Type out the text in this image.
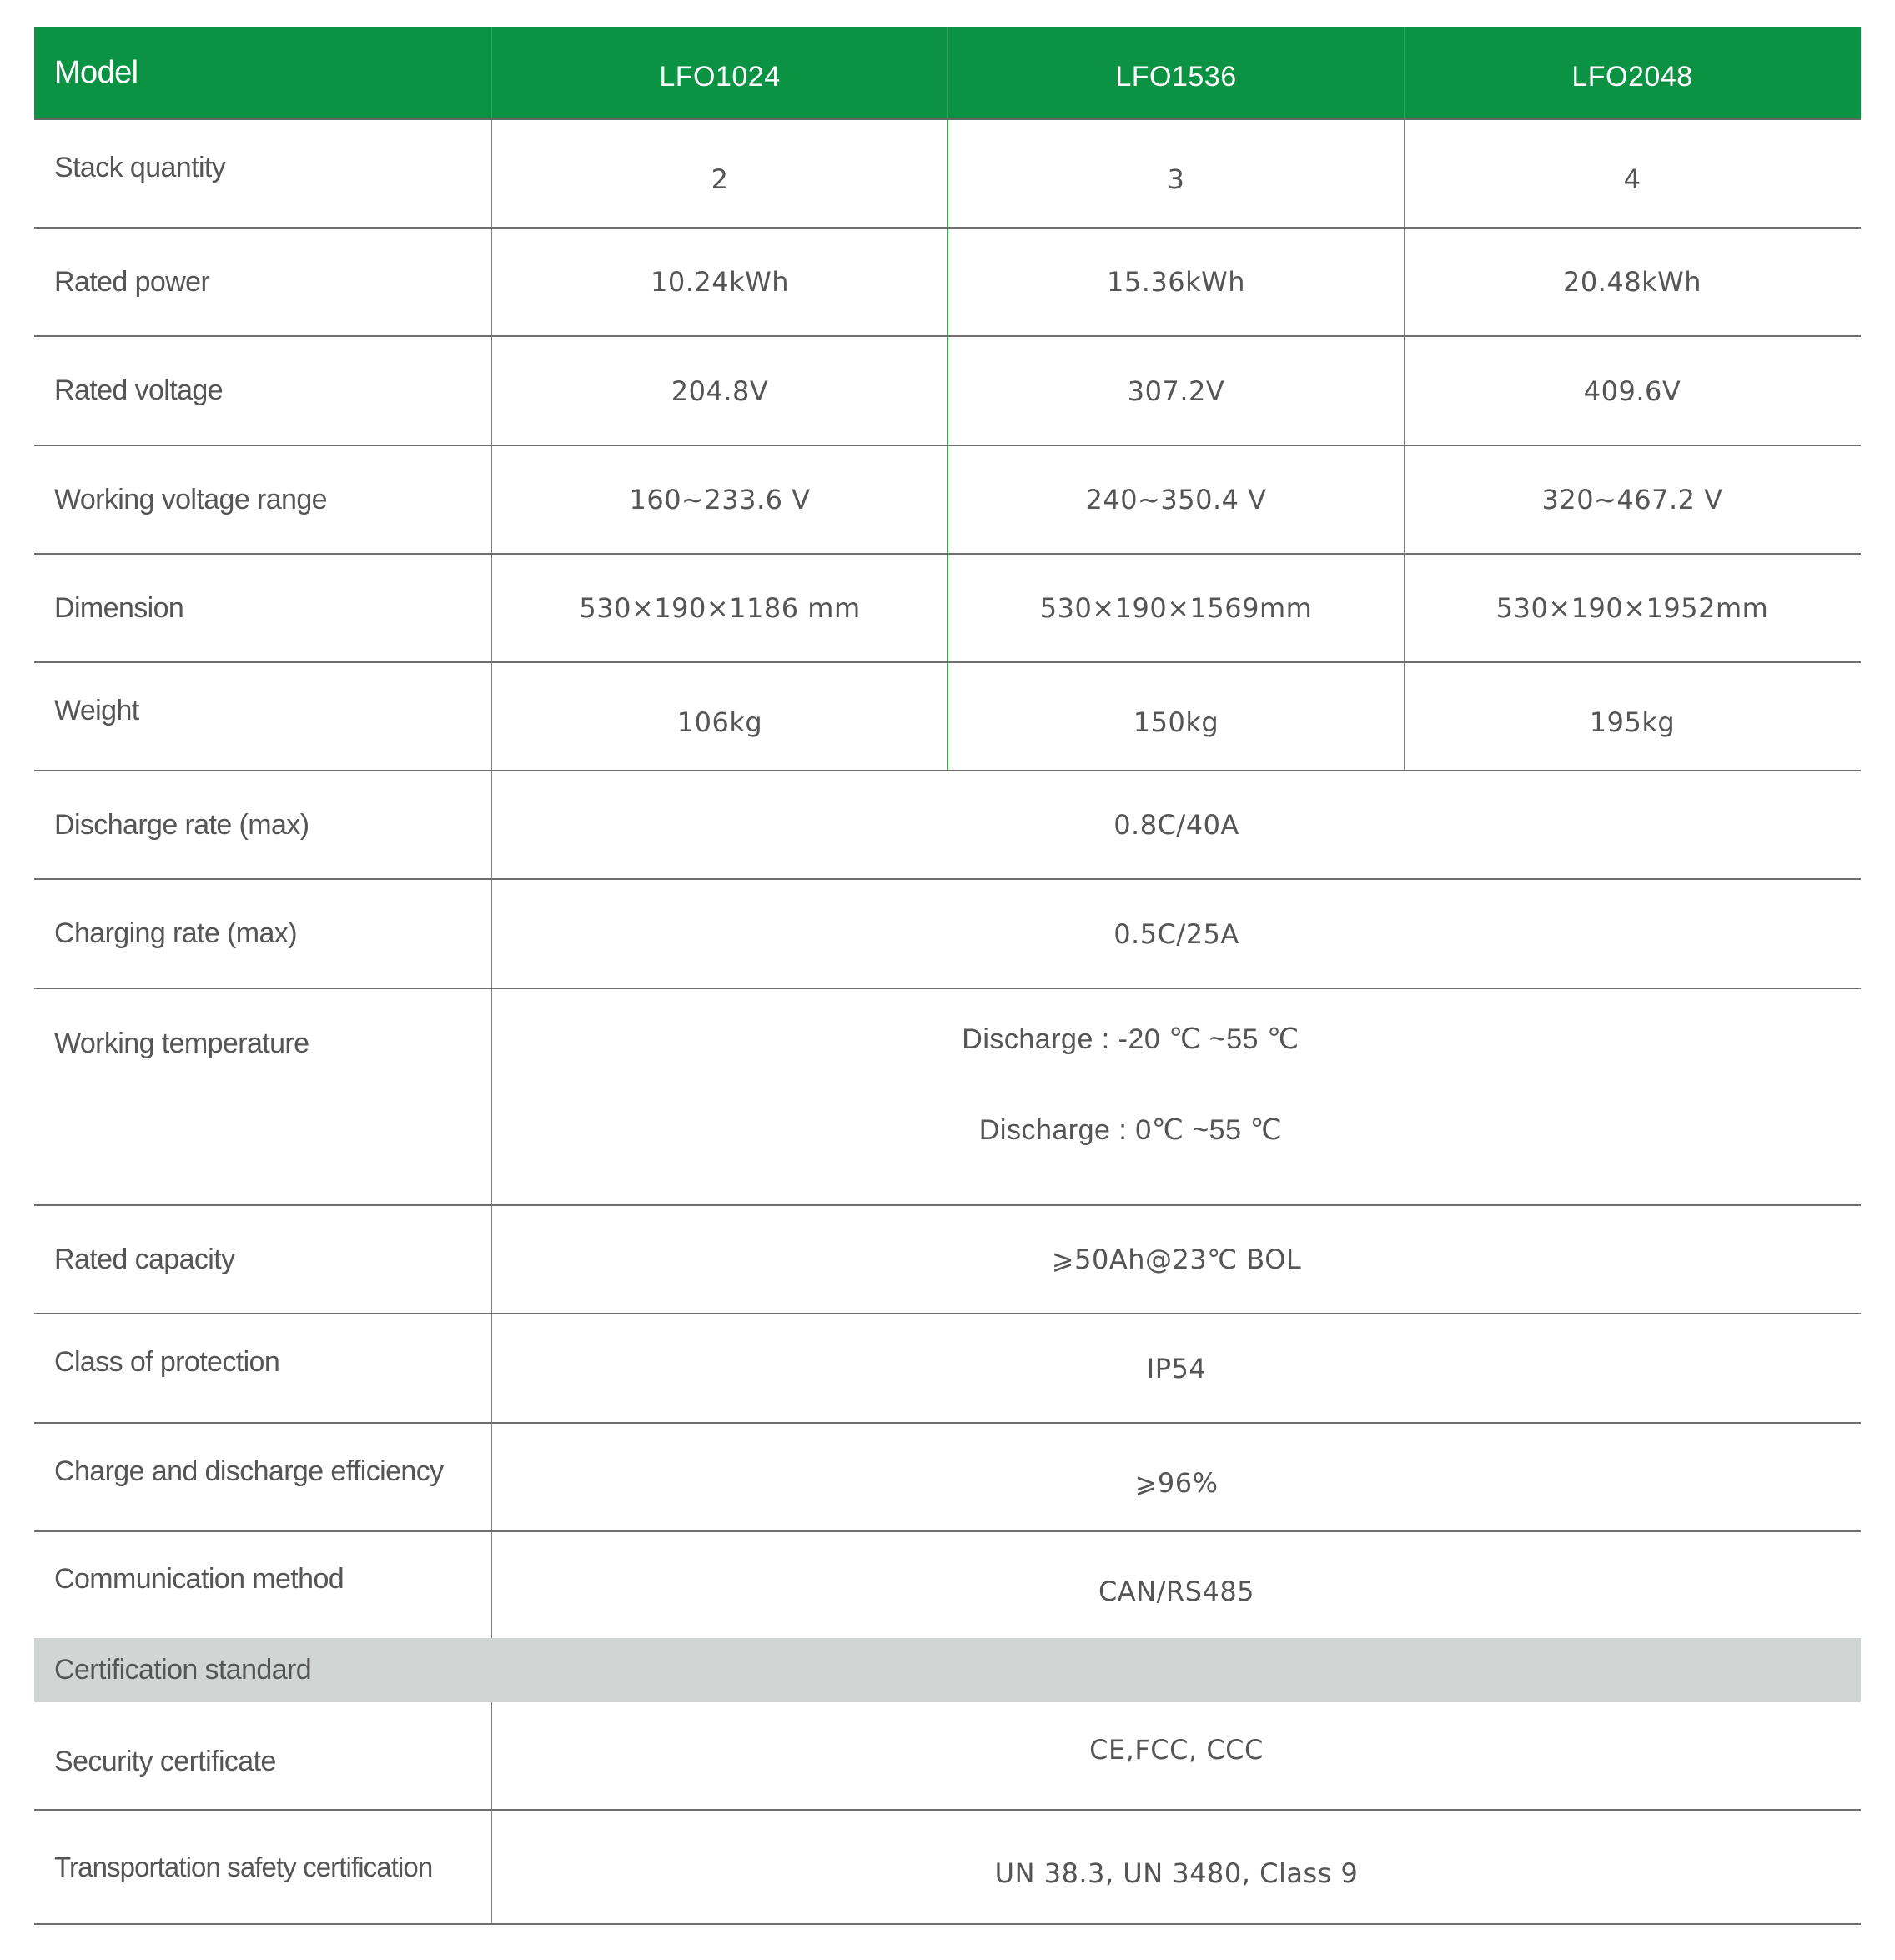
Model	LFO1024	LFO1536	LFO2048
Stack quantity	2	3	4
Rated power	10.24kWh	15.36kWh	20.48kWh
Rated voltage	204.8V	307.2V	409.6V
Working voltage range	160~233.6 V	240~350.4 V	320~467.2 V
Dimension	530×190×1186 mm	530×190×1569mm	530×190×1952mm
Weight	106kg	150kg	195kg
Discharge rate (max)	0.8C/40A
Charging rate (max)	0.5C/25A
Working temperature	Discharge : -20 ℃ ~55 ℃
Discharge : 0℃ ~55 ℃
Rated capacity	⩾50Ah@23℃ BOL
Class of protection	IP54
Charge and discharge efficiency	⩾96%
Communication method	CAN/RS485
Certification standard
Security certificate	CE,FCC, CCC
Transportation safety certification	UN 38.3, UN 3480, Class 9
